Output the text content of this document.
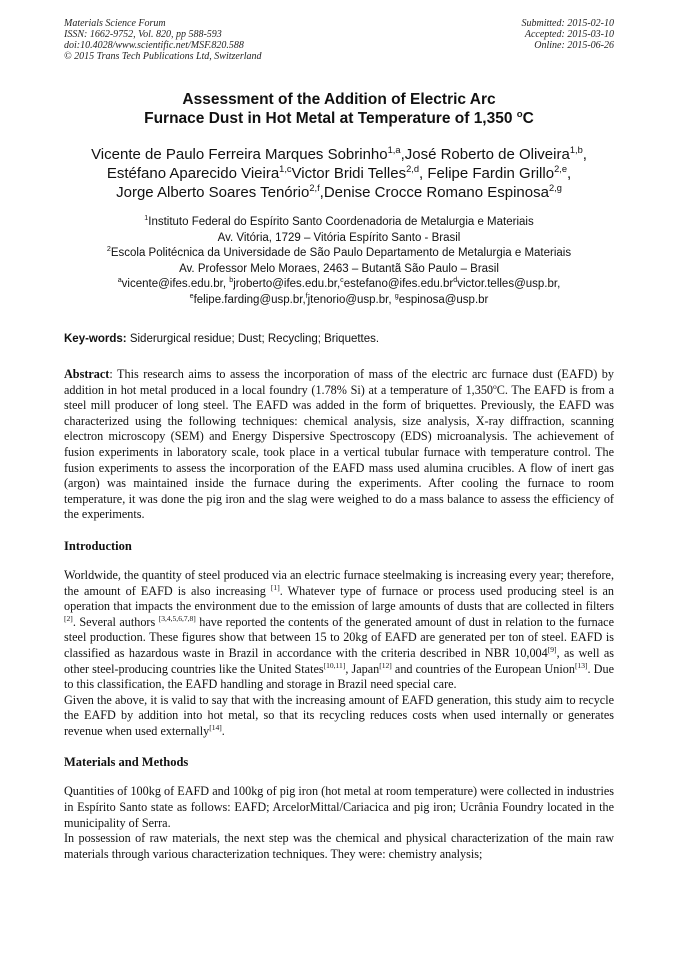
Materials Science Forum
ISSN: 1662-9752, Vol. 820, pp 588-593
doi:10.4028/www.scientific.net/MSF.820.588
© 2015 Trans Tech Publications Ltd, Switzerland
Submitted: 2015-02-10
Accepted: 2015-03-10
Online: 2015-06-26
Assessment of the Addition of Electric Arc
Furnace Dust in Hot Metal at Temperature of 1,350 $^o$C
Vicente de Paulo Ferreira Marques Sobrinho$^{1,a}$,José Roberto de Oliveira$^{1,b}$,
Estéfano Aparecido Vieira$^{1,c}$Victor Bridi Telles$^{2,d}$, Felipe Fardin Grillo$^{2,e}$,
Jorge Alberto Soares Tenório$^{2,f}$,Denise Crocce Romano Espinosa$^{2,g}$
$^1$Instituto Federal do Espírito Santo Coordenadoria de Metalurgia e Materiais
Av. Vitória, 1729 – Vitória Espírito Santo - Brasil
$^2$Escola Politécnica da Universidade de São Paulo Departamento de Metalurgia e Materiais
Av. Professor Melo Moraes, 2463 – Butantã São Paulo – Brasil
$^a$vicente@ifes.edu.br, $^bjroberto@ifes.edu.br,^cestefano@ifes.edu.br^dvictor.telles@usp.br$,
$^e$felipe.farding@usp.br,$^f$jtenorio@usp.br, $^g$espinosa@usp.br
Key-words: Siderurgical residue; Dust; Recycling; Briquettes.

Abstract: This research aims to assess the incorporation of mass of the electric arc furnace dust (EAFD) by addition in hot metal produced in a local foundry (1.78% Si) at a temperature of 1,350$^o$C. The EAFD is from a steel mill producer of long steel. The EAFD was added in the form of briquettes. Previously, the EAFD was characterized using the following techniques: chemical analysis, size analysis, X-ray diffraction, scanning electron microscopy (SEM) and Energy Dispersive Spectroscopy (EDS) microanalysis. The achievement of fusion experiments in laboratory scale, took place in a vertical tubular furnace with temperature control. The fusion experiments to assess the incorporation of the EAFD mass used alumina crucibles. A flow of inert gas (argon) was maintained inside the furnace during the experiments. After cooling the furnace to room temperature, it was done the pig iron and the slag were weighed to do a mass balance to assess the efficiency of the experiments.

Introduction

Worldwide, the quantity of steel produced via an electric furnace steelmaking is increasing every year; therefore, the amount of EAFD is also increasing [1]. Whatever type of furnace or process used producing steel is an operation that impacts the environment due to the emission of large amounts of dusts that are collected in filters [2]. Several authors [3,4,5,6,7,8] have reported the contents of the generated amount of dust in relation to the furnace steel production. These figures show that between 15 to 20kg of EAFD are generated per ton of steel. EAFD is classified as hazardous waste in Brazil in accordance with the criteria described in NBR 10,004[9], as well as other steel-producing countries like the United States[10,11], Japan[12] and countries of the European Union[13]. Due to this classification, the EAFD handling and storage in Brazil need special care.

Given the above, it is valid to say that with the increasing amount of EAFD generation, this study aim to recycle the EAFD by addition into hot metal, so that its recycling reduces costs when used internally or generates revenue when used externally[14].

Materials and Methods

Quantities of 100kg of EAFD and 100kg of pig iron (hot metal at room temperature) were collected in industries in Espírito Santo state as follows: EAFD; ArcelorMittal/Cariacica and pig iron; Ucrânia Foundry located in the municipality of Serra.

In possession of raw materials, the next step was the chemical and physical characterization of the main raw materials through various characterization techniques. They were: chemistry analysis;
